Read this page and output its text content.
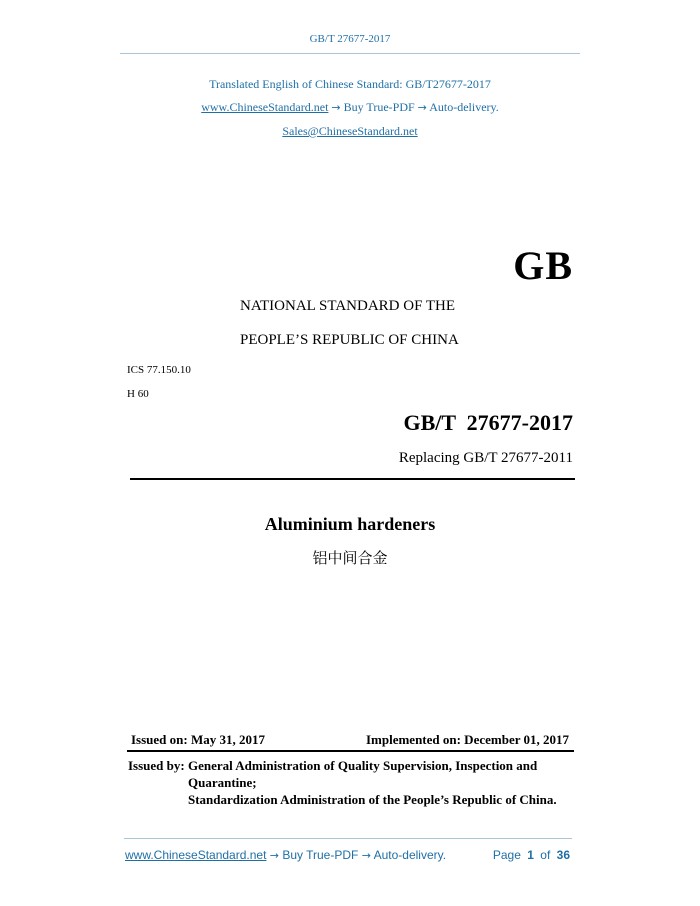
GB/T 27677-2017
Translated English of Chinese Standard: GB/T27677-2017
www.ChineseStandard.net → Buy True-PDF → Auto-delivery.
Sales@ChineseStandard.net
GB
NATIONAL STANDARD OF THE
PEOPLE’S REPUBLIC OF CHINA
ICS 77.150.10
H 60
GB/T  27677-2017
Replacing GB/T 27677-2011
Aluminium hardeners
铝中间合金
Issued on: May 31, 2017	Implemented on: December 01, 2017
Issued by: General Administration of Quality Supervision, Inspection and
Quarantine;
Standardization Administration of the People’s Republic of China.
www.ChineseStandard.net → Buy True-PDF → Auto-delivery.	Page 1 of 36
